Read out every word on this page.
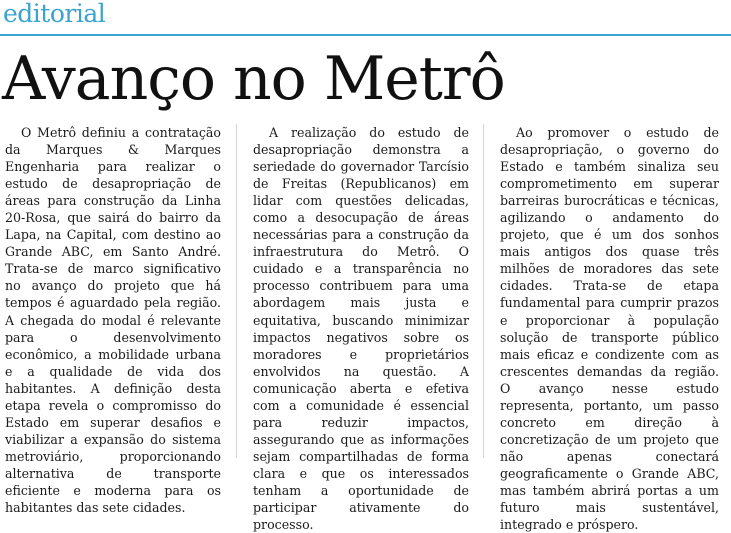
editorial
Avanço no Metrô

O Metrô definiu a contratação da Marques & Marques Engenharia para realizar o estudo de desapropriação de áreas para construção da Linha 20-Rosa, que sairá do bairro da Lapa, na Capital, com destino ao Grande ABC, em Santo André. Trata-se de marco significativo no avanço do projeto que há tempos é aguardado pela região. A chegada do modal é relevante para o desenvolvimento econômico, a mobilidade urbana e a qualidade de vida dos habitantes. A definição desta etapa revela o compromisso do Estado em superar desafios e viabilizar a expansão do sistema metroviário, proporcionando alternativa de transporte eficiente e moderna para os habitantes das sete cidades.

A realização do estudo de desapropriação demonstra a seriedade do governador Tarcísio de Freitas (Republicanos) em lidar com questões delicadas, como a desocupação de áreas necessárias para a construção da infraestrutura do Metrô. O cuidado e a transparência no processo contribuem para uma abordagem mais justa e equitativa, buscando minimizar impactos negativos sobre os moradores e proprietários envolvidos na questão. A comunicação aberta e efetiva com a comunidade é essencial para reduzir impactos, assegurando que as informações sejam compartilhadas de forma clara e que os interessados tenham a oportunidade de participar ativamente do processo.

Ao promover o estudo de desapropriação, o governo do Estado e também sinaliza seu comprometimento em superar barreiras burocráticas e técnicas, agilizando o andamento do projeto, que é um dos sonhos mais antigos dos quase três milhões de moradores das sete cidades. Trata-se de etapa fundamental para cumprir prazos e proporcionar à população solução de transporte público mais eficaz e condizente com as crescentes demandas da região. O avanço nesse estudo representa, portanto, um passo concreto em direção à concretização de um projeto que não apenas conectará geograficamente o Grande ABC, mas também abrirá portas a um futuro mais sustentável, integrado e próspero.
